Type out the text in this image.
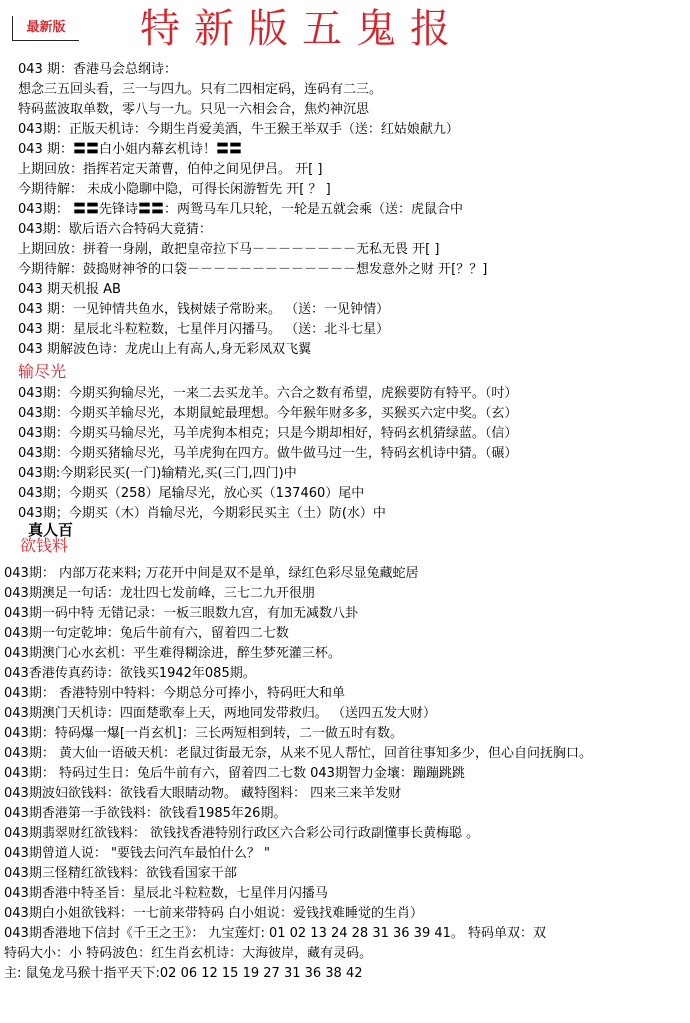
最新版	特新版五鬼报
043 期：香港马会总纲诗：
想念三五回头看，三一与四九。只有二四相定码，连码有二三。
特码蓝波取单数，零八与一九。只见一六相会合，焦灼神沉思
043期：正版天机诗：今期生肖爱美酒，牛王猴王举双手（送：红姑娘献九）
043 期：〓〓白小姐内幕玄机诗！〓〓
上期回放：指挥若定天萧曹，伯仲之间见伊吕。 开[ ]
今期待解： 未成小隐聊中隐，可得长闲游暂先 开[ ？ ]
043期： 〓〓先锋诗〓〓：两鸳马车几只轮，一轮是五就会乘（送：虎鼠合中
043期：歇后语六合特码大竟猜：
上期回放：拼着一身剐，敢把皇帝拉下马－－－－－－－－无私无畏 开[ ]
今期待解：鼓捣财神爷的口袋－－－－－－－－－－－－－想发意外之财 开[？？]
043 期天机报 AB
043 期：一见钟情共鱼水，钱树婊子常盼来。 （送：一见钟情）
043 期：星辰北斗粒粒数，七星伴月闪播马。 （送：北斗七星）
043 期解波色诗：龙虎山上有高人,身无彩凤双飞翼
输尽光
043期：今期买狗输尽光，一来二去买龙羊。六合之数有希望，虎猴要防有特平。（吋）
043期：今期买羊输尽光，本期鼠蛇最理想。今年猴年财多多，买猴买六定中奖。（玄）
043期：今期买马输尽光，马羊虎狗本相克；只是今期却相好，特码玄机猜绿蓝。（信）
043期：今期买猪输尽光，马羊虎狗在四方。做牛做马过一生，特码玄机诗中猜。（碾）
043期:今期彩民买(一门)输精光,买(三门,四门)中
043期；今期买（258）尾输尽光，放心买（137460）尾中
043期；今期买（木）肖输尽光，今期彩民买主（土）防(水）中
真人百
欲钱料
043期： 内部万花来料; 万花开中间是双不是单，绿红色彩尽显兔藏蛇居
043期澳足一句话：龙壮四七发前峰，三七二九开很朋
043期一码中特 无错记录：一板三眼数九宫，有加无减数八卦
043期一句定乾坤：兔后牛前有六，留着四二七数
043期澳门心水玄机：平生难得糊涂进，醉生梦死灌三杯。
043香港传真药诗：欲钱买1942年085期。
043期： 香港特别中特料：今期总分可捧小，特码旺大和单
043期澳门天机诗：四面楚歌奉上天，两地同发带救归。 （送四五发大财）
043期：特码爆一爆[一肖玄机]：三长两短相到转，二一做五时有数。
043期： 黄大仙一语破天机：老鼠过街最无奈，从来不见人帮忙，回首往事知多少，但心自问抚胸口。
043期： 特码过生日：兔后牛前有六，留着四二七数 043期智力金壤：蹦蹦跳跳
043期波妇欲钱料：欲钱看大眼睛动物。 藏特图料： 四来三来羊发财
043期香港第一手欲钱料：欲钱看1985年26期。
043期翡翠财红欲钱料： 欲钱找香港特别行政区六合彩公司行政副懂事长黄梅聪 。
043期曾道人说： "要钱去问汽车最怕什么？ "
043期三怪精红欲钱料：欲钱看国家干部
043期香港中特圣旨：星辰北斗粒粒数，七星伴月闪播马
043期白小姐欲钱料：一七前来带特码 白小姐说：爱钱找难睡觉的生肖）
043期香港地下信封《千王之王》： 九宝莲灯: 01 02 13 24 28 31 36 39 41。 特码单双：双
特码大小：小 特码波色：红生肖玄机诗：大海彼岸，藏有灵码。
主: 鼠兔龙马猴十指平天下:02 06 12 15 19 27 31 36 38 42
